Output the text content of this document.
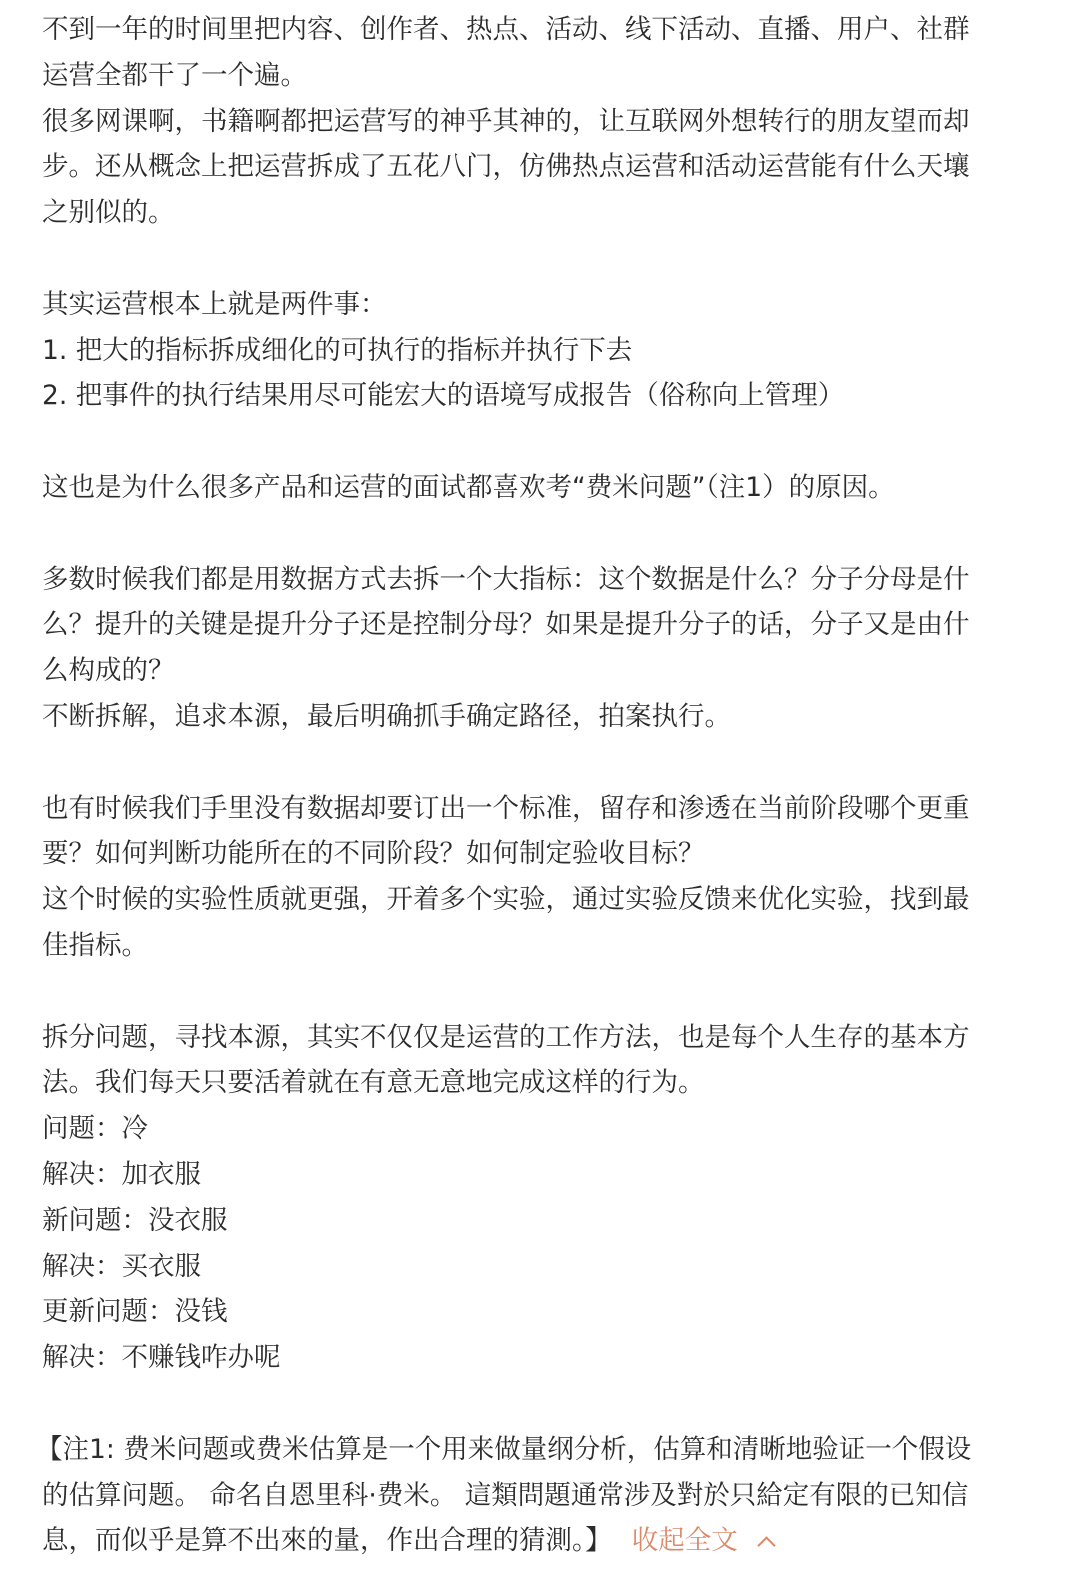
不到一年的时间里把内容、创作者、热点、活动、线下活动、直播、用户、社群
运营全都干了一个遍。
很多网课啊，书籍啊都把运营写的神乎其神的，让互联网外想转行的朋友望而却
步。还从概念上把运营拆成了五花八门，仿佛热点运营和活动运营能有什么天壤
之别似的。
其实运营根本上就是两件事：
1. 把大的指标拆成细化的可执行的指标并执行下去
2. 把事件的执行结果用尽可能宏大的语境写成报告（俗称向上管理）
这也是为什么很多产品和运营的面试都喜欢考“费米问题”（注1）的原因。
多数时候我们都是用数据方式去拆一个大指标：这个数据是什么？分子分母是什
么？提升的关键是提升分子还是控制分母？如果是提升分子的话，分子又是由什
么构成的？
不断拆解，追求本源，最后明确抓手确定路径，拍案执行。
也有时候我们手里没有数据却要订出一个标准，留存和渗透在当前阶段哪个更重
要？如何判断功能所在的不同阶段？如何制定验收目标？
这个时候的实验性质就更强，开着多个实验，通过实验反馈来优化实验，找到最
佳指标。
拆分问题，寻找本源，其实不仅仅是运营的工作方法，也是每个人生存的基本方
法。我们每天只要活着就在有意无意地完成这样的行为。
问题：冷
解决：加衣服
新问题：没衣服
解决：买衣服
更新问题：没钱
解决：不赚钱咋办呢
【注1: 费米问题或费米估算是一个用来做量纲分析，估算和清晰地验证一个假设
的估算问题。 命名自恩里科·费米。 這類問題通常涉及對於只給定有限的已知信
息，而似乎是算不出來的量，作出合理的猜測。】 收起全文
